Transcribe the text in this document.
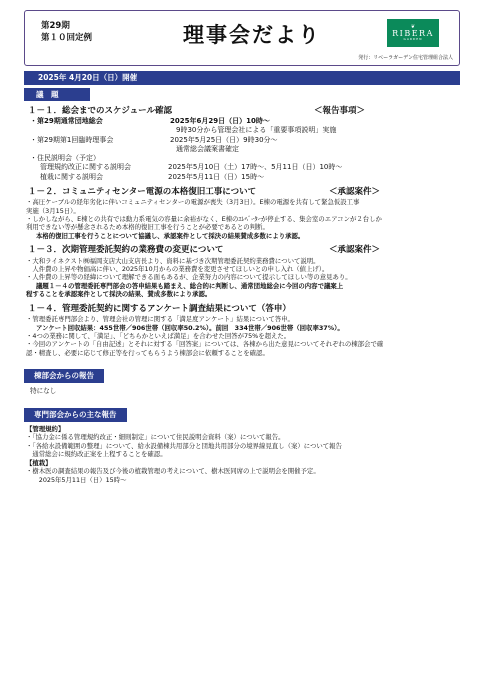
第29期
第１０回定例	理事会だより	❦
RIBERA
GARDEN
発行：リベーラガーデン住宅管理組合法人
2025年 4月20日（日）開催
議　題
１－１．総会までのスケジュール確認	＜報告事項＞
・第29期通常団地総会	2025年6月29日（日）10時～
9時30分から管理会社による「重要事項説明」実施
・第29期第1回臨時理事会	2025年5月25日（日）9時30分～
通常総会議案書確定
・住民説明会（予定）
管理規約改正に関する説明会	2025年5月10日（土）17時～、5月11日（日）10時～
植栽に関する説明会	2025年5月11日（日）15時～
１－２．コミュニティセンター電源の本格復旧工事について	＜承認案件＞
・高圧ケーブルの経年劣化に伴いコミュニティセンターの電源が喪失（3月3日）。E棟の電源を共有して緊急仮設工事
実施（3月15日）。
・しかしながら、E棟との共有では動力系電気の容量に余裕がなく、E棟のｴﾚﾍﾞｰﾀｰが停止する、集会室のエアコンが２台しか
利用できない等が懸念されるため本格的復旧工事を行うことが必要であるとの判断。
本格的復旧工事を行うことについて協議し、承認案件として採決の結果賛成多数により承認。
１－３．次期管理委託契約の業務費の変更について	＜承認案件＞
・大和ライネクスト㈱福岡支店大山支店長より、資料に基づき次期管理委託契約業務費について説明。
　人件費の上昇や物価高に伴い、2025年10月からの業務費を変更させてほしいとの申し入れ（値上げ）。
・人件費の上昇等の経緯について理解できる面もあるが、企業努力の内容について提示してほしい等の意見あり。
議題１－４の管理委託専門部会の答申結果も踏まえ、総合的に判断し、通常団地総会に今回の内容で議案上
程することを承認案件として採決の結果、賛成多数により承認。
１－４．管理委託契約に関するアンケート調査結果について（答申）
・管理委託専門部会より、管理会社の管理に関する「満足度アンケート」結果について答申。
アンケート回収結果：455世帯／906世帯（回収率50.2%）。前回　334世帯／906世帯（回収率37%）。
・4つの業務に関して、「満足」、「どちらかといえば満足」を合わせた回答が75%を超えた。
・今回のアンケートの「自由記述」とそれに対する「回答案」については、各棟から出た意見についてそれぞれの棟部会で確
認・精査し、必要に応じて修正等を行ってもらうよう棟部会に依頼することを確認。
棟部会からの報告
特になし
専門部会からの主な報告
【管理規約】
・「協力金に係る管理規約改正・細則制定」について住民説明会資料（案）について報告。
・「各給水設備範囲の整理」について、給水設備棟共用部分と団地共用部分の境界線見直し（案）について報告
　通常総会に規約改正案を上程することを確認。
【植栽】
・樹木医の調査結果の報告及び今後の植栽管理の考えについて、樹木医同席の上で説明会を開催予定。
　　2025年5月11日（日）15時～
